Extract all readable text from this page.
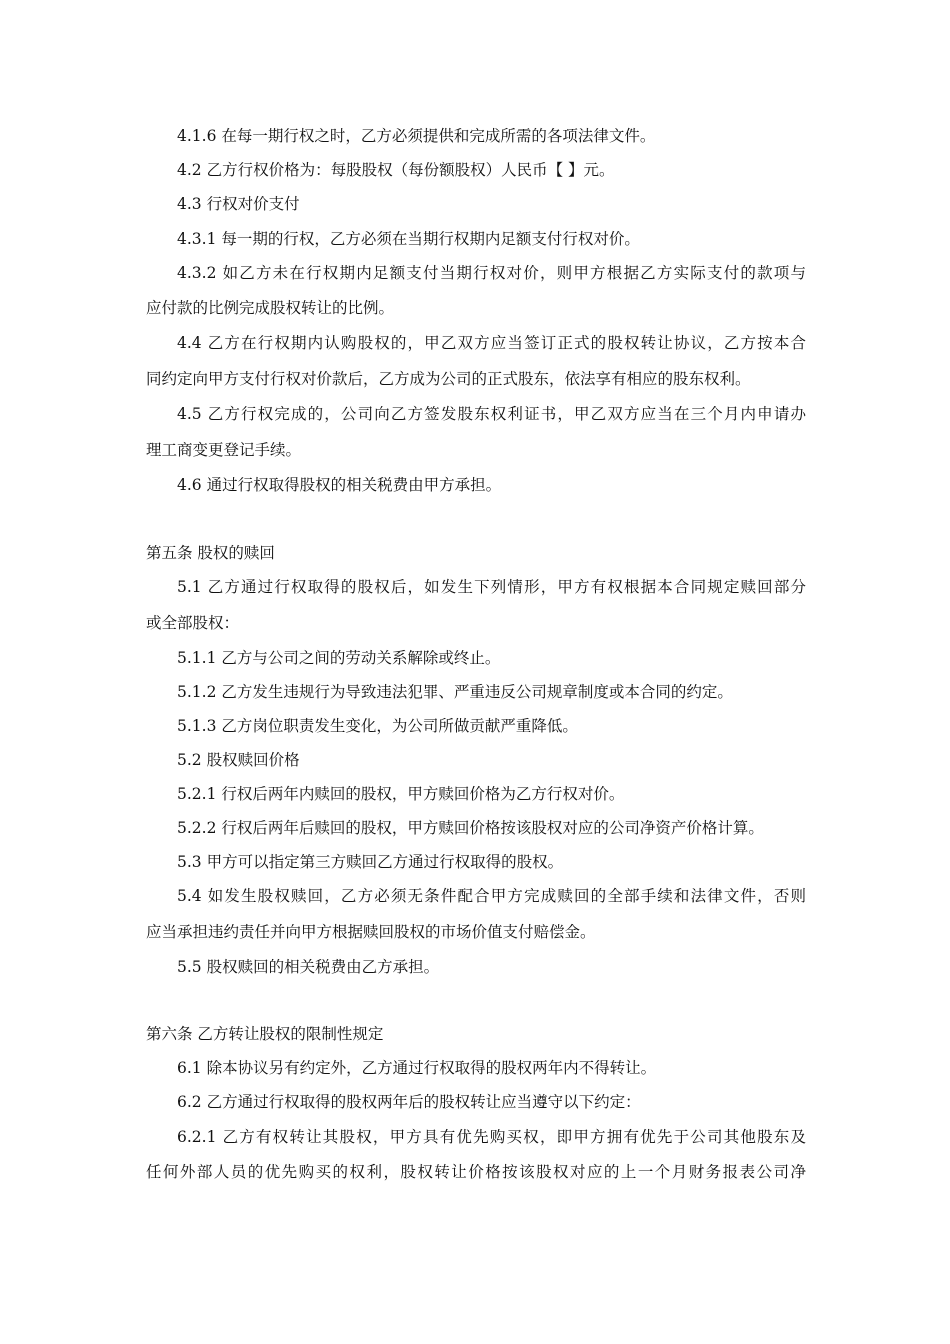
4.1.6 在每一期行权之时，乙方必须提供和完成所需的各项法律文件。
4.2 乙方行权价格为：每股股权（每份额股权）人民币【 】元。
4.3 行权对价支付
4.3.1 每一期的行权，乙方必须在当期行权期内足额支付行权对价。
4.3.2 如乙方未在行权期内足额支付当期行权对价，则甲方根据乙方实际支付的款项与
应付款的比例完成股权转让的比例。
4.4 乙方在行权期内认购股权的，甲乙双方应当签订正式的股权转让协议，乙方按本合
同约定向甲方支付行权对价款后，乙方成为公司的正式股东，依法享有相应的股东权利。
4.5 乙方行权完成的，公司向乙方签发股东权利证书，甲乙双方应当在三个月内申请办
理工商变更登记手续。
4.6 通过行权取得股权的相关税费由甲方承担。
第五条 股权的赎回
5.1 乙方通过行权取得的股权后，如发生下列情形，甲方有权根据本合同规定赎回部分
或全部股权：
5.1.1 乙方与公司之间的劳动关系解除或终止。
5.1.2 乙方发生违规行为导致违法犯罪、严重违反公司规章制度或本合同的约定。
5.1.3 乙方岗位职责发生变化，为公司所做贡献严重降低。
5.2 股权赎回价格
5.2.1 行权后两年内赎回的股权，甲方赎回价格为乙方行权对价。
5.2.2 行权后两年后赎回的股权，甲方赎回价格按该股权对应的公司净资产价格计算。
5.3 甲方可以指定第三方赎回乙方通过行权取得的股权。
5.4 如发生股权赎回，乙方必须无条件配合甲方完成赎回的全部手续和法律文件，否则
应当承担违约责任并向甲方根据赎回股权的市场价值支付赔偿金。
5.5 股权赎回的相关税费由乙方承担。
第六条 乙方转让股权的限制性规定
6.1 除本协议另有约定外，乙方通过行权取得的股权两年内不得转让。
6.2 乙方通过行权取得的股权两年后的股权转让应当遵守以下约定：
6.2.1 乙方有权转让其股权，甲方具有优先购买权，即甲方拥有优先于公司其他股东及
任何外部人员的优先购买的权利，股权转让价格按该股权对应的上一个月财务报表公司净
